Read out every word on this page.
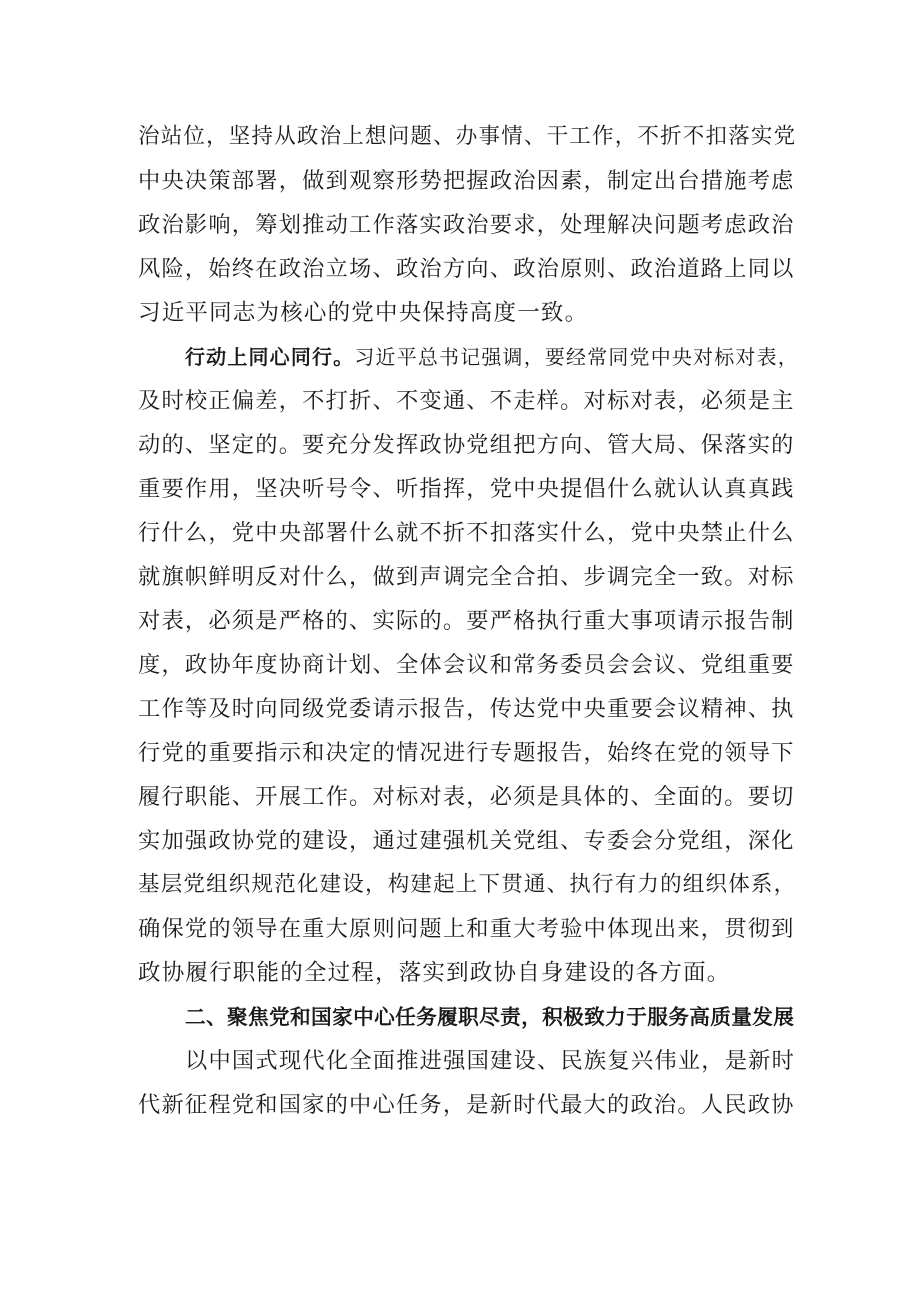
治站位，坚持从政治上想问题、办事情、干工作，不折不扣落实党
中央决策部署，做到观察形势把握政治因素，制定出台措施考虑
政治影响，筹划推动工作落实政治要求，处理解决问题考虑政治
风险，始终在政治立场、政治方向、政治原则、政治道路上同以
习近平同志为核心的党中央保持高度一致。
行动上同心同行。习近平总书记强调，要经常同党中央对标对表，
及时校正偏差，不打折、不变通、不走样。对标对表，必须是主
动的、坚定的。要充分发挥政协党组把方向、管大局、保落实的
重要作用，坚决听号令、听指挥，党中央提倡什么就认认真真践
行什么，党中央部署什么就不折不扣落实什么，党中央禁止什么
就旗帜鲜明反对什么，做到声调完全合拍、步调完全一致。对标
对表，必须是严格的、实际的。要严格执行重大事项请示报告制
度，政协年度协商计划、全体会议和常务委员会会议、党组重要
工作等及时向同级党委请示报告，传达党中央重要会议精神、执
行党的重要指示和决定的情况进行专题报告，始终在党的领导下
履行职能、开展工作。对标对表，必须是具体的、全面的。要切
实加强政协党的建设，通过建强机关党组、专委会分党组，深化
基层党组织规范化建设，构建起上下贯通、执行有力的组织体系，
确保党的领导在重大原则问题上和重大考验中体现出来，贯彻到
政协履行职能的全过程，落实到政协自身建设的各方面。
二、聚焦党和国家中心任务履职尽责，积极致力于服务高质量发展
以中国式现代化全面推进强国建设、民族复兴伟业，是新时
代新征程党和国家的中心任务，是新时代最大的政治。人民政协
